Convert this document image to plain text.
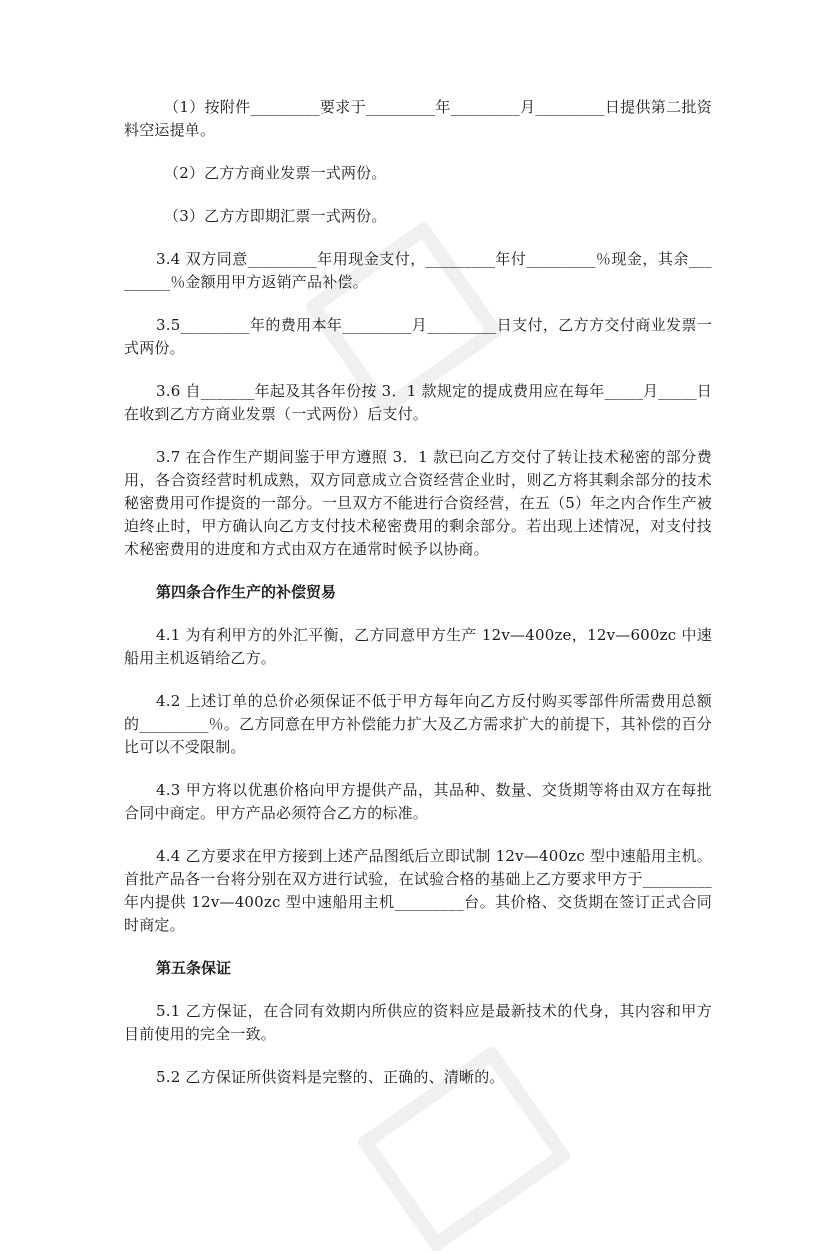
（1）按附件_________要求于_________年_________月_________日提供第二批资料空运提单。

（2）乙方方商业发票一式两份。

（3）乙方方即期汇票一式两份。

3.4 双方同意_________年用现金支付，_________年付_________％现金，其余_________％金额用甲方返销产品补偿。

3.5_________年的费用本年_________月_________日支付，乙方方交付商业发票一式两份。

3.6 自_______年起及其各年份按 3．1 款规定的提成费用应在每年_____月_____日在收到乙方方商业发票（一式两份）后支付。

3.7 在合作生产期间鉴于甲方遵照 3．1 款已向乙方交付了转让技术秘密的部分费用，各合资经营时机成熟，双方同意成立合资经营企业时，则乙方将其剩余部分的技术秘密费用可作提资的一部分。一旦双方不能进行合资经营，在五（5）年之内合作生产被迫终止时，甲方确认向乙方支付技术秘密费用的剩余部分。若出现上述情况，对支付技术秘密费用的进度和方式由双方在通常时候予以协商。

第四条合作生产的补偿贸易

4.1 为有利甲方的外汇平衡，乙方同意甲方生产 12v—400ze，12v—600zc 中速船用主机返销给乙方。

4.2 上述订单的总价必须保证不低于甲方每年向乙方反付购买零部件所需费用总额的_________％。乙方同意在甲方补偿能力扩大及乙方需求扩大的前提下，其补偿的百分比可以不受限制。

4.3 甲方将以优惠价格向甲方提供产品，其品种、数量、交货期等将由双方在每批合同中商定。甲方产品必须符合乙方的标准。

4.4 乙方要求在甲方接到上述产品图纸后立即试制 12v—400zc 型中速船用主机。首批产品各一台将分别在双方进行试验，在试验合格的基础上乙方要求甲方于_________年内提供 12v—400zc 型中速船用主机_________台。其价格、交货期在签订正式合同时商定。

第五条保证

5.1 乙方保证，在合同有效期内所供应的资料应是最新技术的代身，其内容和甲方目前使用的完全一致。

5.2 乙方保证所供资料是完整的、正确的、清晰的。
